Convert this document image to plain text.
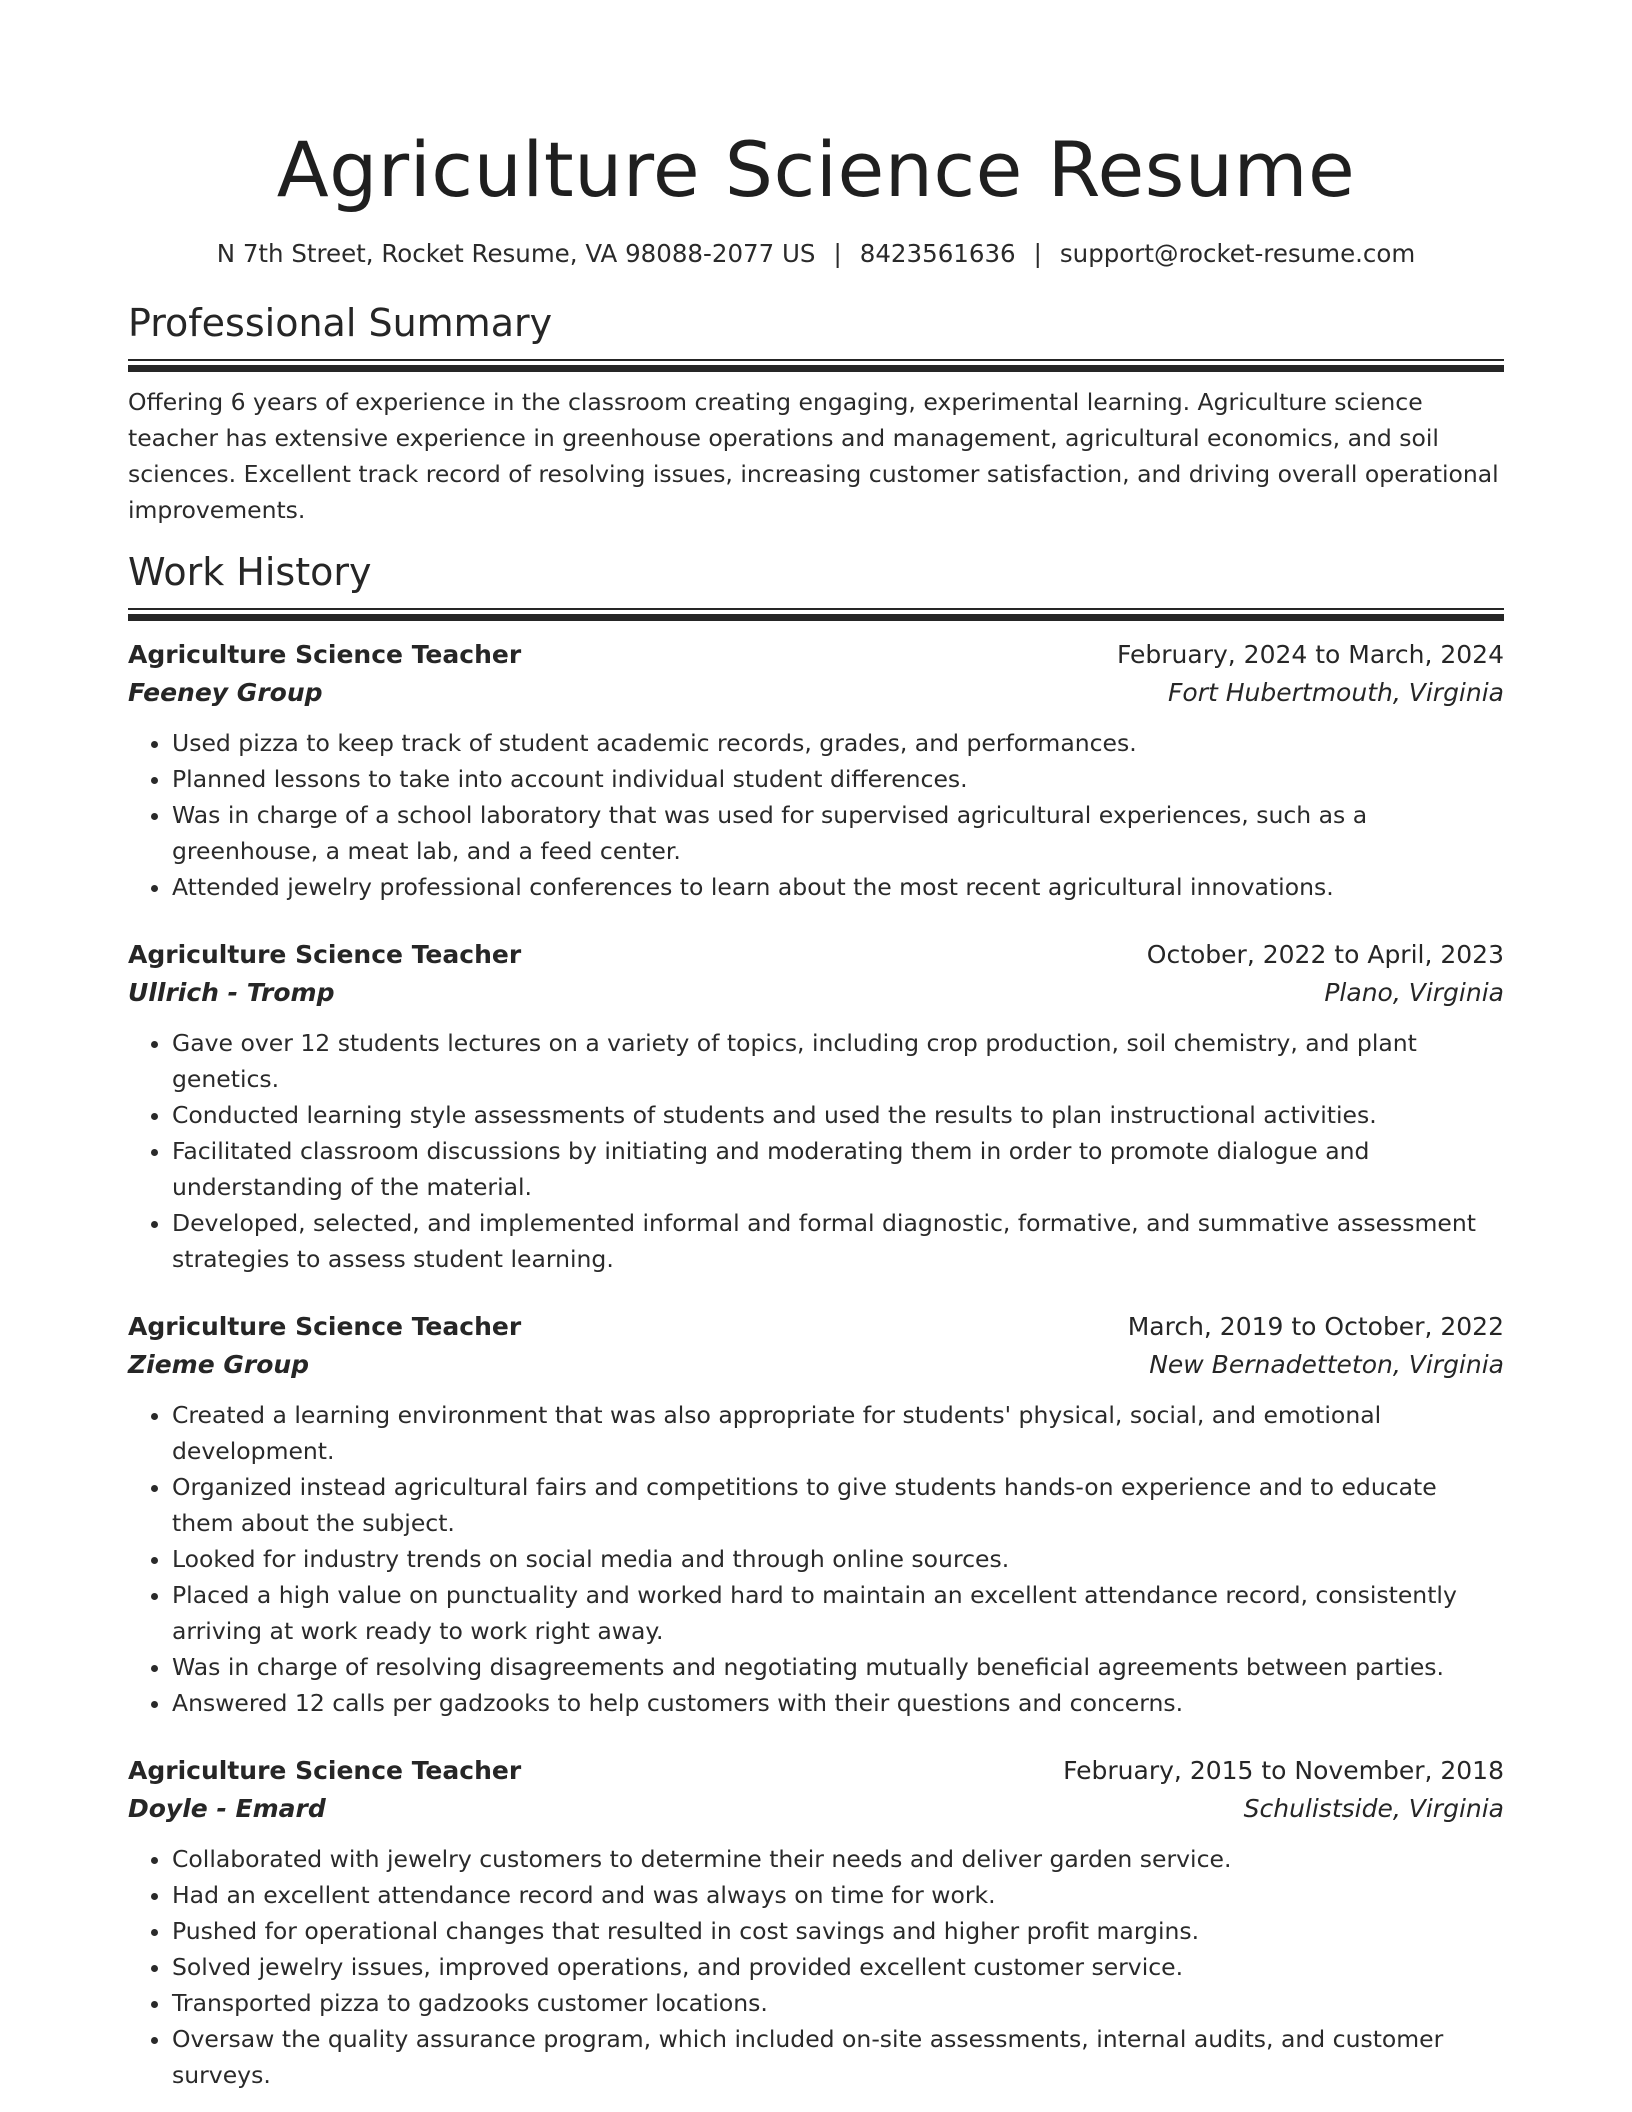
Agriculture Science Resume
N 7th Street, Rocket Resume, VA 98088-2077 US | 8423561636 | support@rocket-resume.com
Professional Summary

Offering 6 years of experience in the classroom creating engaging, experimental learning. Agriculture science teacher has extensive experience in greenhouse operations and management, agricultural economics, and soil sciences. Excellent track record of resolving issues, increasing customer satisfaction, and driving overall operational improvements.

Work History
Agriculture Science Teacher	February, 2024 to March, 2024
Feeney Group	Fort Hubertmouth, Virginia
• Used pizza to keep track of student academic records, grades, and performances.
• Planned lessons to take into account individual student differences.
• Was in charge of a school laboratory that was used for supervised agricultural experiences, such as a greenhouse, a meat lab, and a feed center.
• Attended jewelry professional conferences to learn about the most recent agricultural innovations.
Agriculture Science Teacher	October, 2022 to April, 2023
Ullrich - Tromp	Plano, Virginia
• Gave over 12 students lectures on a variety of topics, including crop production, soil chemistry, and plant genetics.
• Conducted learning style assessments of students and used the results to plan instructional activities.
• Facilitated classroom discussions by initiating and moderating them in order to promote dialogue and understanding of the material.
• Developed, selected, and implemented informal and formal diagnostic, formative, and summative assessment strategies to assess student learning.
Agriculture Science Teacher	March, 2019 to October, 2022
Zieme Group	New Bernadetteton, Virginia
• Created a learning environment that was also appropriate for students' physical, social, and emotional development.
• Organized instead agricultural fairs and competitions to give students hands-on experience and to educate them about the subject.
• Looked for industry trends on social media and through online sources.
• Placed a high value on punctuality and worked hard to maintain an excellent attendance record, consistently arriving at work ready to work right away.
• Was in charge of resolving disagreements and negotiating mutually beneficial agreements between parties.
• Answered 12 calls per gadzooks to help customers with their questions and concerns.
Agriculture Science Teacher	February, 2015 to November, 2018
Doyle - Emard	Schulistside, Virginia
• Collaborated with jewelry customers to determine their needs and deliver garden service.
• Had an excellent attendance record and was always on time for work.
• Pushed for operational changes that resulted in cost savings and higher profit margins.
• Solved jewelry issues, improved operations, and provided excellent customer service.
• Transported pizza to gadzooks customer locations.
• Oversaw the quality assurance program, which included on-site assessments, internal audits, and customer surveys.
